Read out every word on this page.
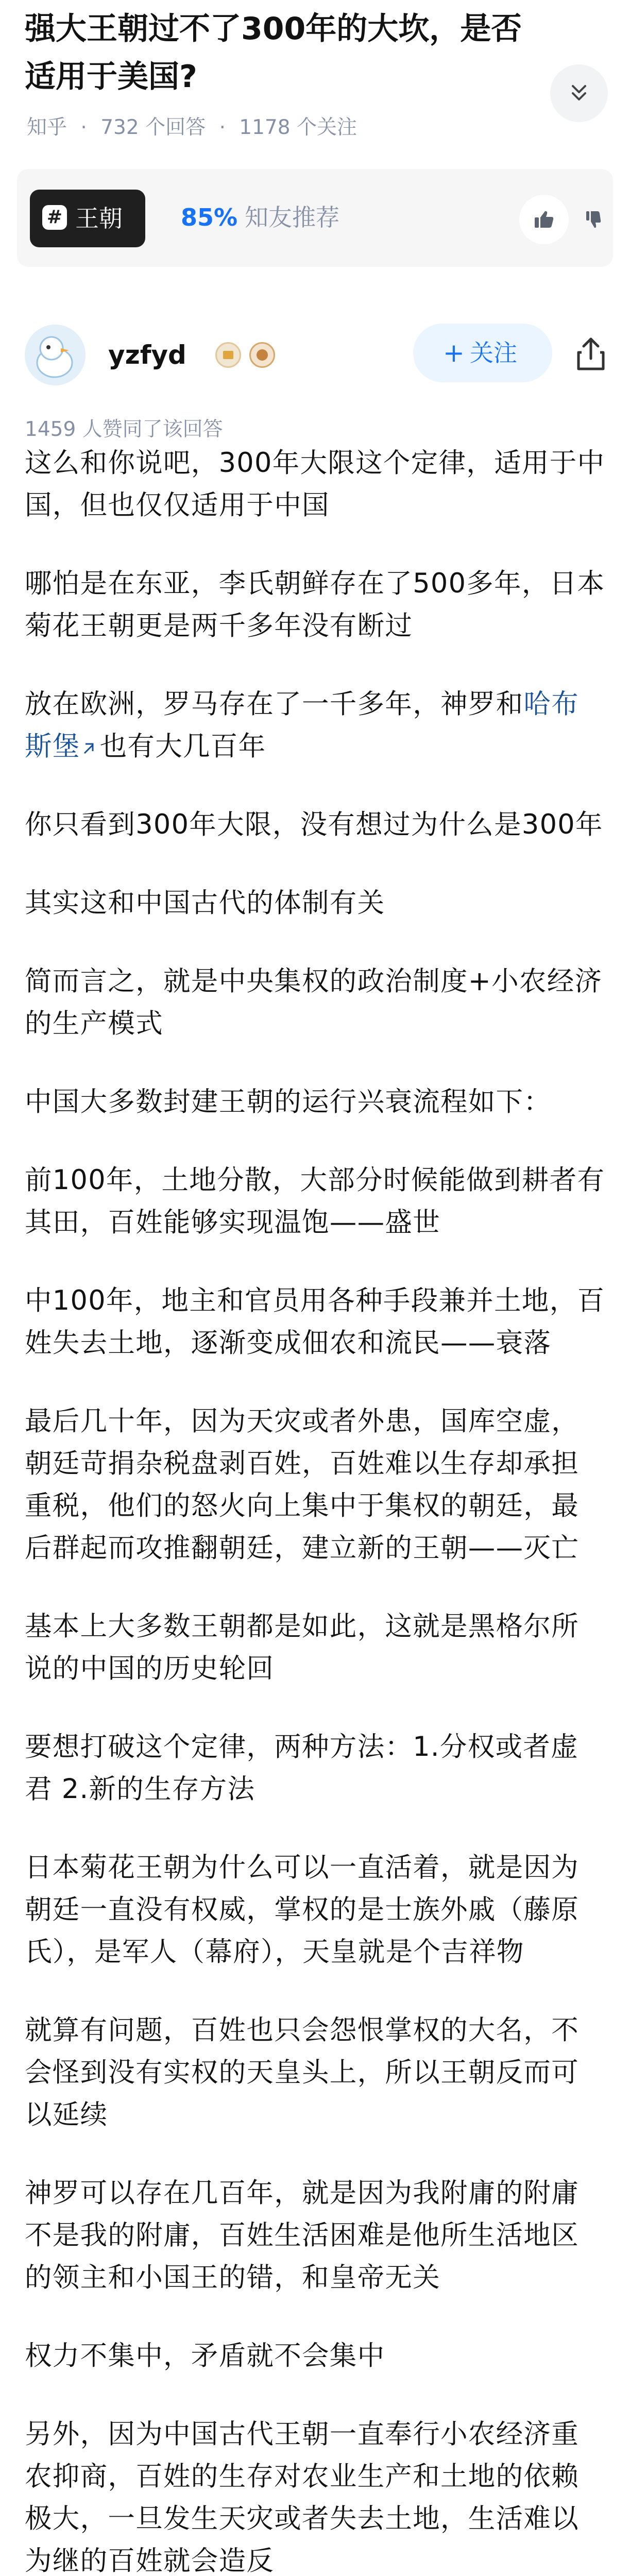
强大王朝过不了300年的大坎，是否适用于美国?
知乎 · 732 个回答 · 1178 个关注
# 王朝 85% 知友推荐
yzfyd	+ 关注
1459 人赞同了该回答

这么和你说吧，300年大限这个定律，适用于中国，但也仅仅适用于中国

哪怕是在东亚，李氏朝鲜存在了500多年，日本菊花王朝更是两千多年没有断过

放在欧洲，罗马存在了一千多年，神罗和哈布斯堡 也有大几百年

你只看到300年大限，没有想过为什么是300年

其实这和中国古代的体制有关

简而言之，就是中央集权的政治制度+小农经济的生产模式

中国大多数封建王朝的运行兴衰流程如下：

前100年，土地分散，大部分时候能做到耕者有其田，百姓能够实现温饱——盛世

中100年，地主和官员用各种手段兼并土地，百姓失去土地，逐渐变成佃农和流民——衰落

最后几十年，因为天灾或者外患，国库空虚，朝廷苛捐杂税盘剥百姓，百姓难以生存却承担重税，他们的怒火向上集中于集权的朝廷，最后群起而攻推翻朝廷，建立新的王朝——灭亡

基本上大多数王朝都是如此，这就是黑格尔所说的中国的历史轮回

要想打破这个定律，两种方法：1.分权或者虚君 2.新的生存方法

日本菊花王朝为什么可以一直活着，就是因为朝廷一直没有权威，掌权的是士族外戚（藤原氏），是军人（幕府），天皇就是个吉祥物

就算有问题，百姓也只会怨恨掌权的大名，不会怪到没有实权的天皇头上，所以王朝反而可以延续

神罗可以存在几百年，就是因为我附庸的附庸不是我的附庸，百姓生活困难是他所生活地区的领主和小国王的错，和皇帝无关

权力不集中，矛盾就不会集中

另外，因为中国古代王朝一直奉行小农经济重农抑商，百姓的生存对农业生产和土地的依赖极大，一旦发生天灾或者失去土地，生活难以为继的百姓就会造反
